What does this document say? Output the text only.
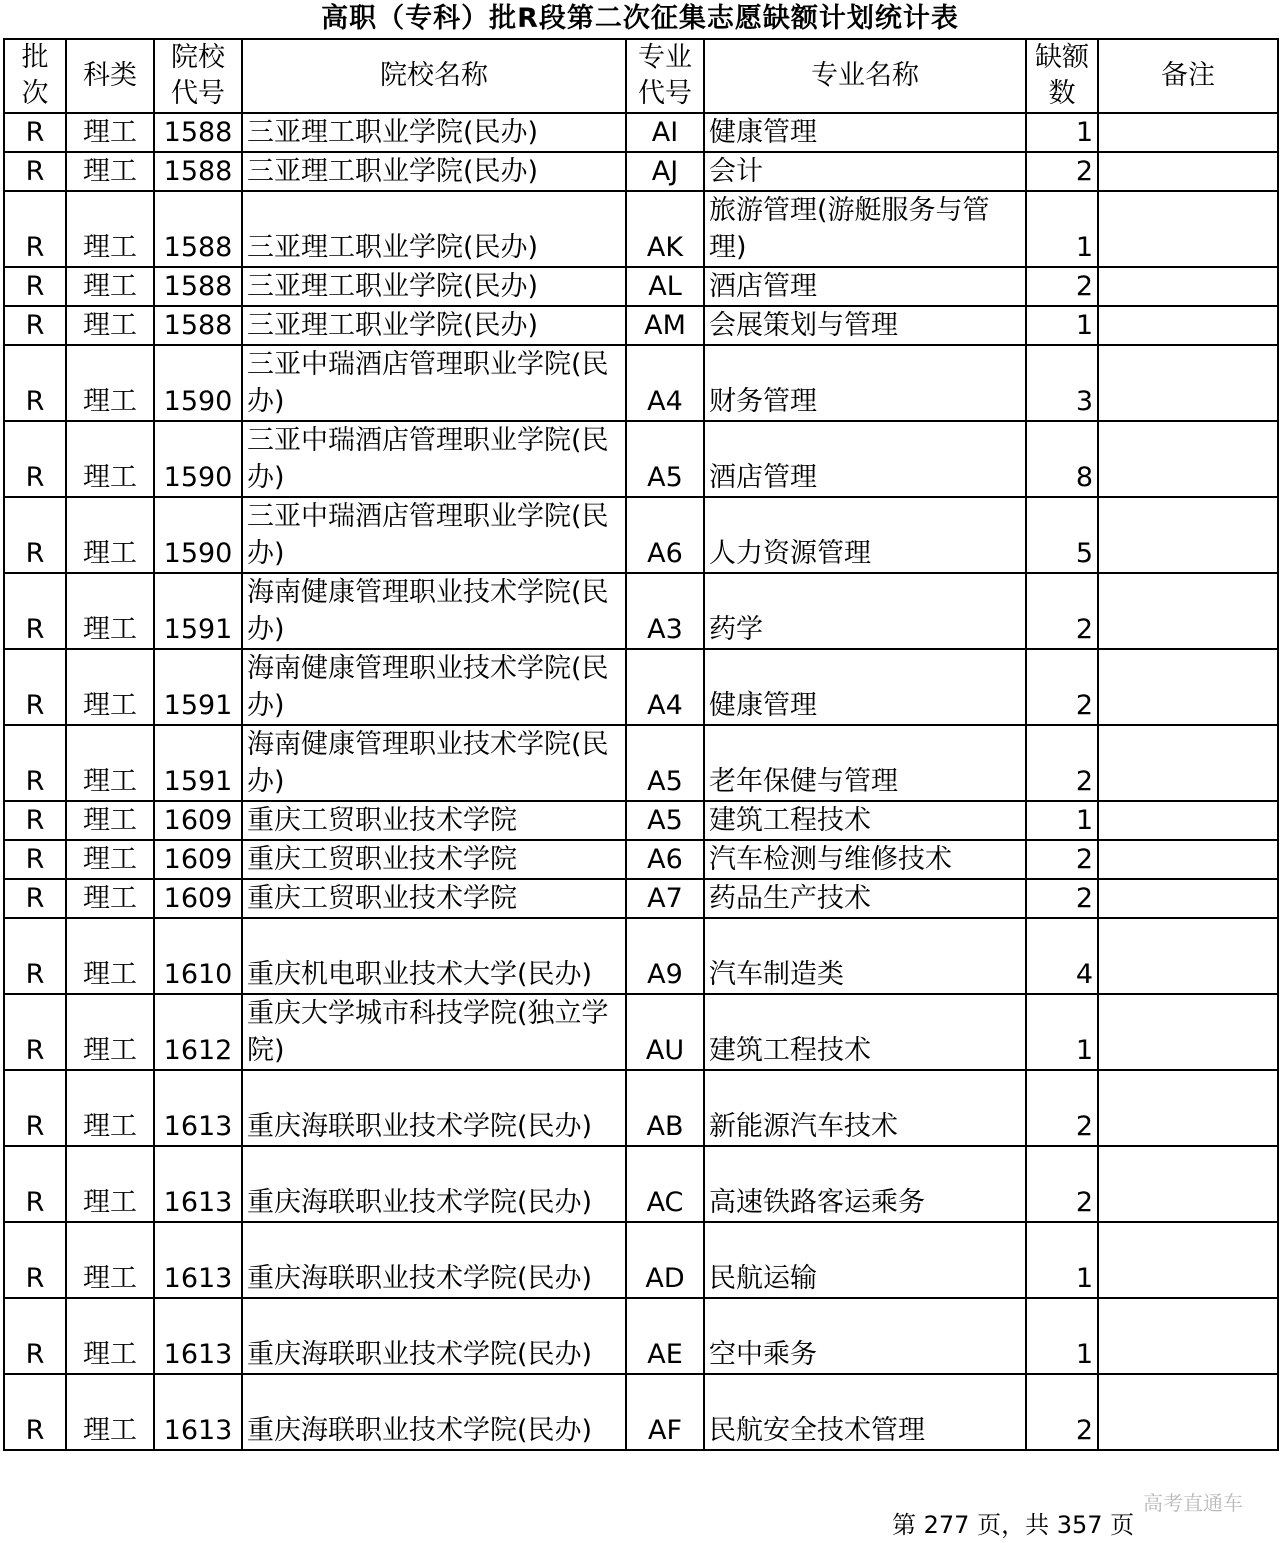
高职（专科）批R段第二次征集志愿缺额计划统计表
批次	科类	院校代号	院校名称	专业代号	专业名称	缺额数	备注
R	理工	1588	三亚理工职业学院(民办)	AI	健康管理	1	
R	理工	1588	三亚理工职业学院(民办)	AJ	会计	2	
R	理工	1588	三亚理工职业学院(民办)	AK	旅游管理(游艇服务与管理)	1	
R	理工	1588	三亚理工职业学院(民办)	AL	酒店管理	2	
R	理工	1588	三亚理工职业学院(民办)	AM	会展策划与管理	1	
R	理工	1590	三亚中瑞酒店管理职业学院(民办)	A4	财务管理	3	
R	理工	1590	三亚中瑞酒店管理职业学院(民办)	A5	酒店管理	8	
R	理工	1590	三亚中瑞酒店管理职业学院(民办)	A6	人力资源管理	5	
R	理工	1591	海南健康管理职业技术学院(民办)	A3	药学	2	
R	理工	1591	海南健康管理职业技术学院(民办)	A4	健康管理	2	
R	理工	1591	海南健康管理职业技术学院(民办)	A5	老年保健与管理	2	
R	理工	1609	重庆工贸职业技术学院	A5	建筑工程技术	1	
R	理工	1609	重庆工贸职业技术学院	A6	汽车检测与维修技术	2	
R	理工	1609	重庆工贸职业技术学院	A7	药品生产技术	2	
R	理工	1610	重庆机电职业技术大学(民办)	A9	汽车制造类	4	
R	理工	1612	重庆大学城市科技学院(独立学院)	AU	建筑工程技术	1	
R	理工	1613	重庆海联职业技术学院(民办)	AB	新能源汽车技术	2	
R	理工	1613	重庆海联职业技术学院(民办)	AC	高速铁路客运乘务	2	
R	理工	1613	重庆海联职业技术学院(民办)	AD	民航运输	1	
R	理工	1613	重庆海联职业技术学院(民办)	AE	空中乘务	1	
R	理工	1613	重庆海联职业技术学院(民办)	AF	民航安全技术管理	2	
高考直通车
第 277 页，共 357 页
